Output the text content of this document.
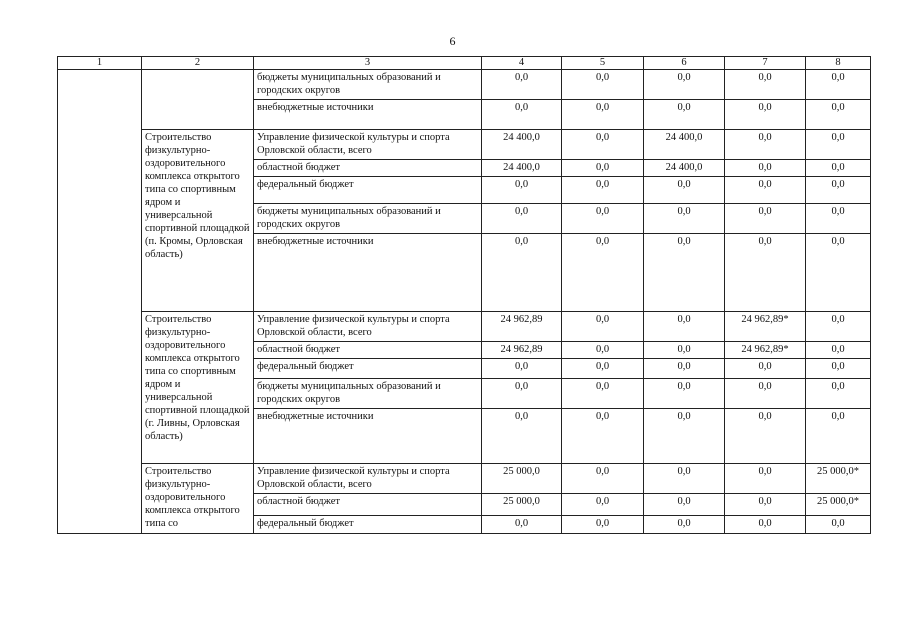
6
1	2	3	4	5	6	7	8
		бюджеты муниципальных образований и городских округов	0,0	0,0	0,0	0,0	0,0
		внебюджетные источники	0,0	0,0	0,0	0,0	0,0
	Строительство физкультурно-оздоровительного комплекса открытого типа со спортивным ядром и универсальной спортивной площадкой (п. Кромы, Орловская область)	Управление физической культуры и спорта Орловской области, всего	24 400,0	0,0	24 400,0	0,0	0,0
		областной бюджет	24 400,0	0,0	24 400,0	0,0	0,0
		федеральный бюджет	0,0	0,0	0,0	0,0	0,0
		бюджеты муниципальных образований и городских округов	0,0	0,0	0,0	0,0	0,0
		внебюджетные источники	0,0	0,0	0,0	0,0	0,0
	Строительство физкультурно-оздоровительного комплекса открытого типа со спортивным ядром и универсальной спортивной площадкой (г. Ливны, Орловская область)	Управление физической культуры и спорта Орловской области, всего	24 962,89	0,0	0,0	24 962,89*	0,0
		областной бюджет	24 962,89	0,0	0,0	24 962,89*	0,0
		федеральный бюджет	0,0	0,0	0,0	0,0	0,0
		бюджеты муниципальных образований и городских округов	0,0	0,0	0,0	0,0	0,0
		внебюджетные источники	0,0	0,0	0,0	0,0	0,0
	Строительство физкультурно-оздоровительного комплекса открытого типа со	Управление физической культуры и спорта Орловской области, всего	25 000,0	0,0	0,0	0,0	25 000,0*
		областной бюджет	25 000,0	0,0	0,0	0,0	25 000,0*
		федеральный бюджет	0,0	0,0	0,0	0,0	0,0
